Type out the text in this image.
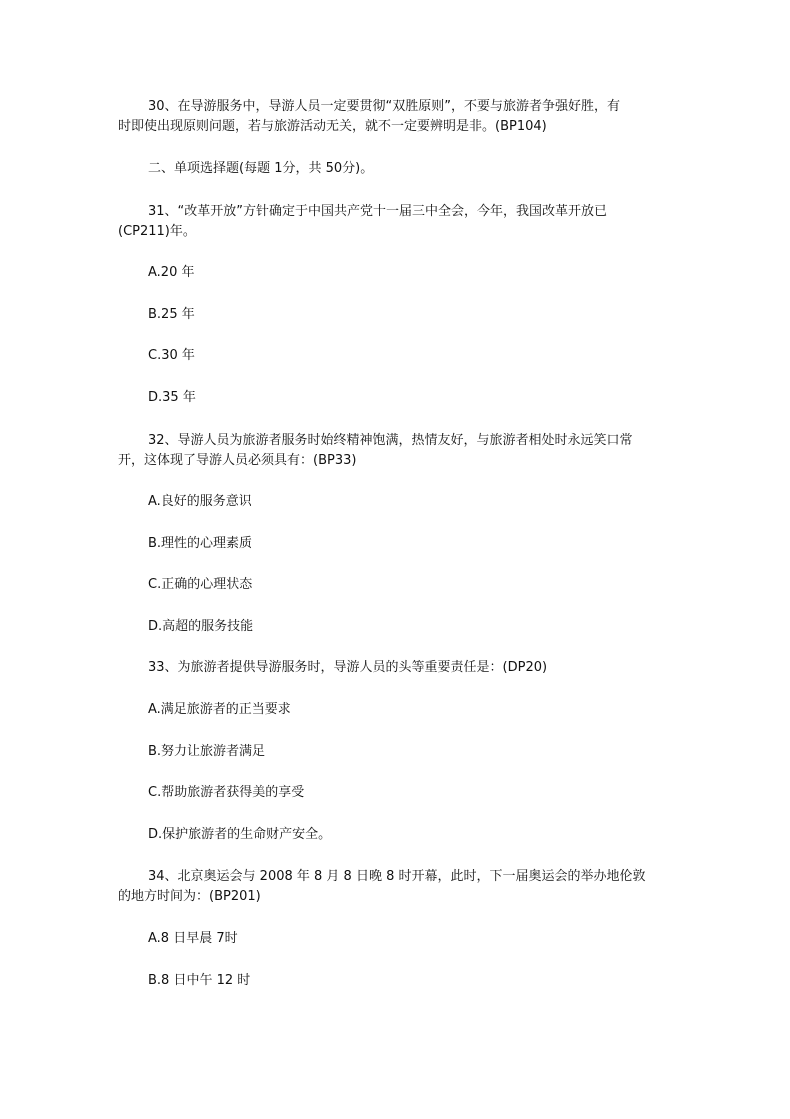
30、在导游服务中，导游人员一定要贯彻“双胜原则”，不要与旅游者争强好胜，有
时即使出现原则问题，若与旅游活动无关，就不一定要辨明是非。(BP104)
二、单项选择题(每题 1分，共 50分)。
31、“改革开放”方针确定于中国共产党十一届三中全会，今年，我国改革开放已
(CP211)年。
A.20 年
B.25 年
C.30 年
D.35 年
32、导游人员为旅游者服务时始终精神饱满，热情友好，与旅游者相处时永远笑口常
开，这体现了导游人员必须具有：(BP33)
A.良好的服务意识
B.理性的心理素质
C.正确的心理状态
D.高超的服务技能
33、为旅游者提供导游服务时，导游人员的头等重要责任是：(DP20)
A.满足旅游者的正当要求
B.努力让旅游者满足
C.帮助旅游者获得美的享受
D.保护旅游者的生命财产安全。
34、北京奥运会与 2008 年 8 月 8 日晚 8 时开幕，此时，下一届奥运会的举办地伦敦
的地方时间为：(BP201)
A.8 日早晨 7时
B.8 日中午 12 时
